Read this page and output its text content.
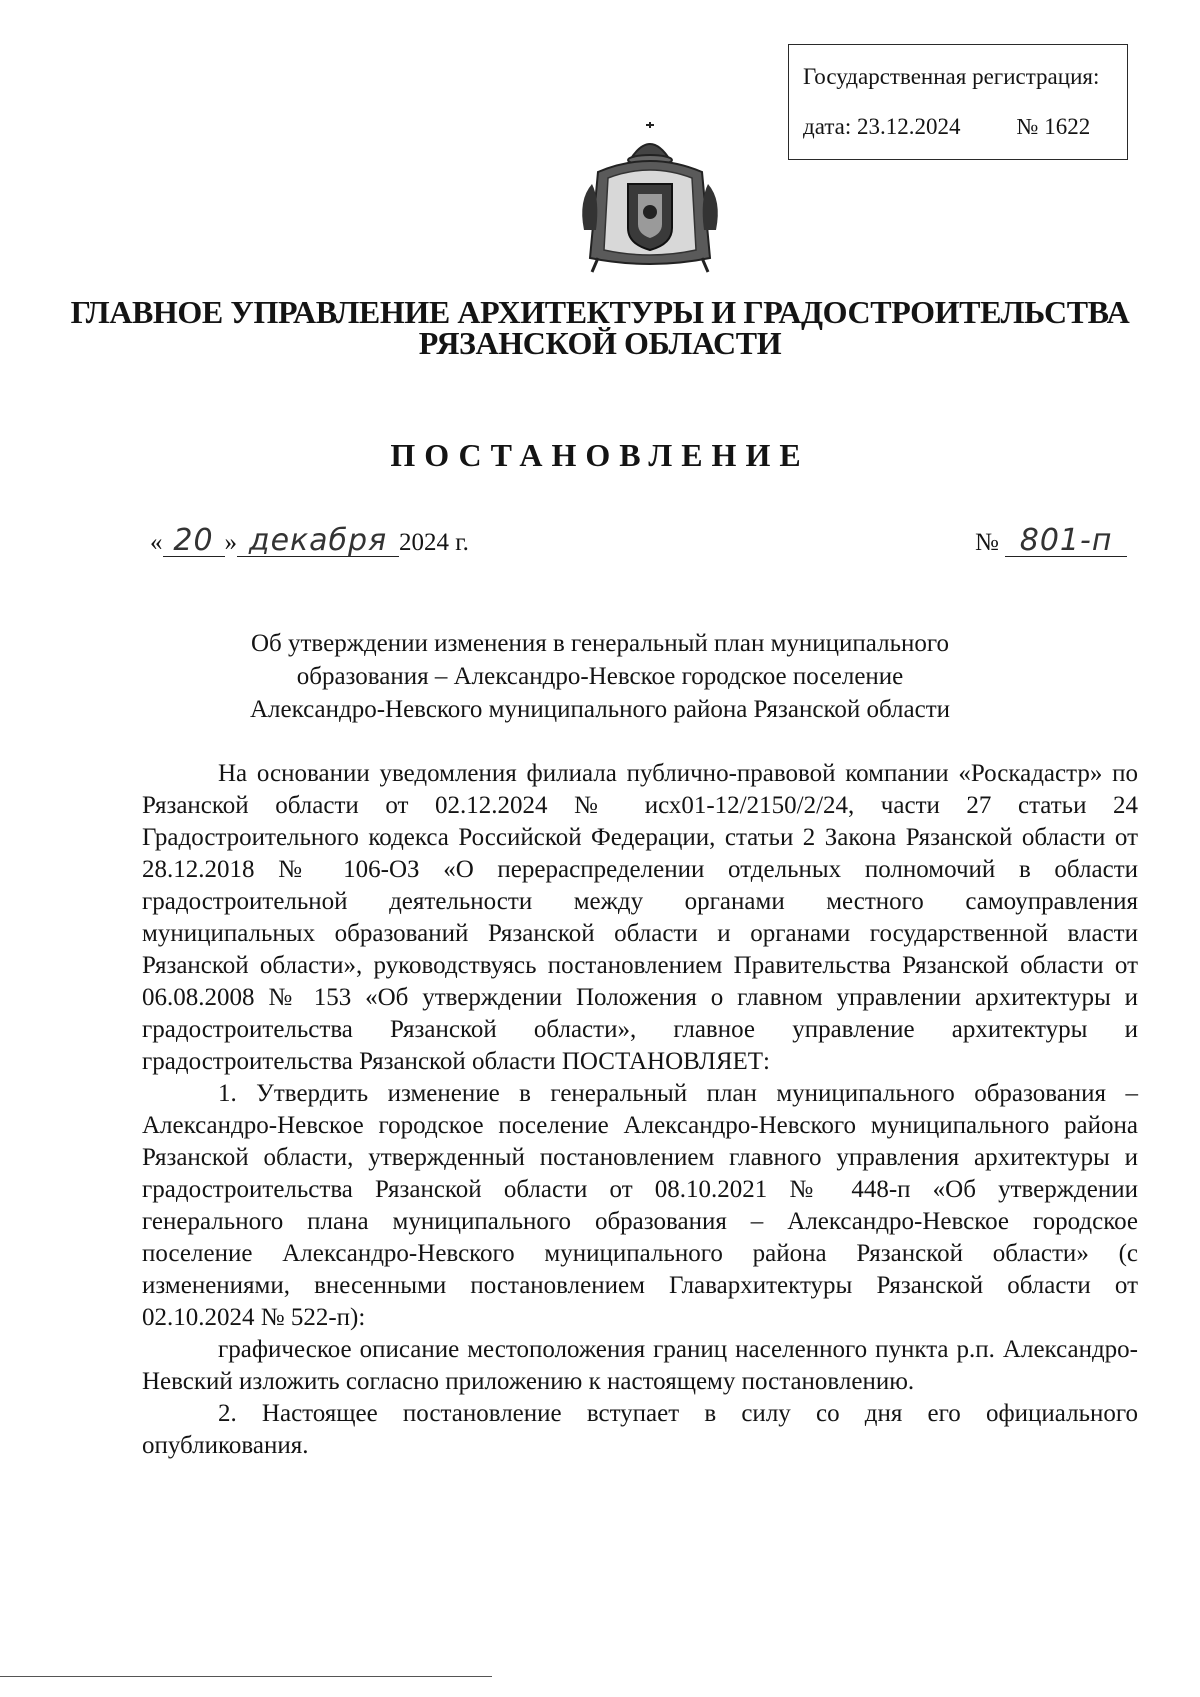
Государственная регистрация:
дата: 23.12.2024 № 1622
ГЛАВНОЕ УПРАВЛЕНИЕ АРХИТЕКТУРЫ И ГРАДОСТРОИТЕЛЬСТВА
РЯЗАНСКОЙ ОБЛАСТИ
ПОСТАНОВЛЕНИЕ
« 20 » декабря 2024 г.	№ 801-п
Об утверждении изменения в генеральный план муниципального
образования – Александро-Невское городское поселение
Александро-Невского муниципального района Рязанской области

На основании уведомления филиала публично-правовой компании «Роскадастр» по Рязанской области от 02.12.2024 № исх01-12/2150/2/24, части 27 статьи 24 Градостроительного кодекса Российской Федерации, статьи 2 Закона Рязанской области от 28.12.2018 № 106-ОЗ «О перераспределении отдельных полномочий в области градостроительной деятельности между органами местного самоуправления муниципальных образований Рязанской области и органами государственной власти Рязанской области», руководствуясь постановлением Правительства Рязанской области от 06.08.2008 № 153 «Об утверждении Положения о главном управлении архитектуры и градостроительства Рязанской области», главное управление архитектуры и градостроительства Рязанской области ПОСТАНОВЛЯЕТ:

1. Утвердить изменение в генеральный план муниципального образования – Александро-Невское городское поселение Александро-Невского муниципального района Рязанской области, утвержденный постановлением главного управления архитектуры и градостроительства Рязанской области от 08.10.2021 № 448-п «Об утверждении генерального плана муниципального образования – Александро-Невское городское поселение Александро-Невского муниципального района Рязанской области» (с изменениями, внесенными постановлением Главархитектуры Рязанской области от 02.10.2024 № 522-п):

графическое описание местоположения границ населенного пункта р.п. Александро-Невский изложить согласно приложению к настоящему постановлению.

2. Настоящее постановление вступает в силу со дня его официального опубликования.
